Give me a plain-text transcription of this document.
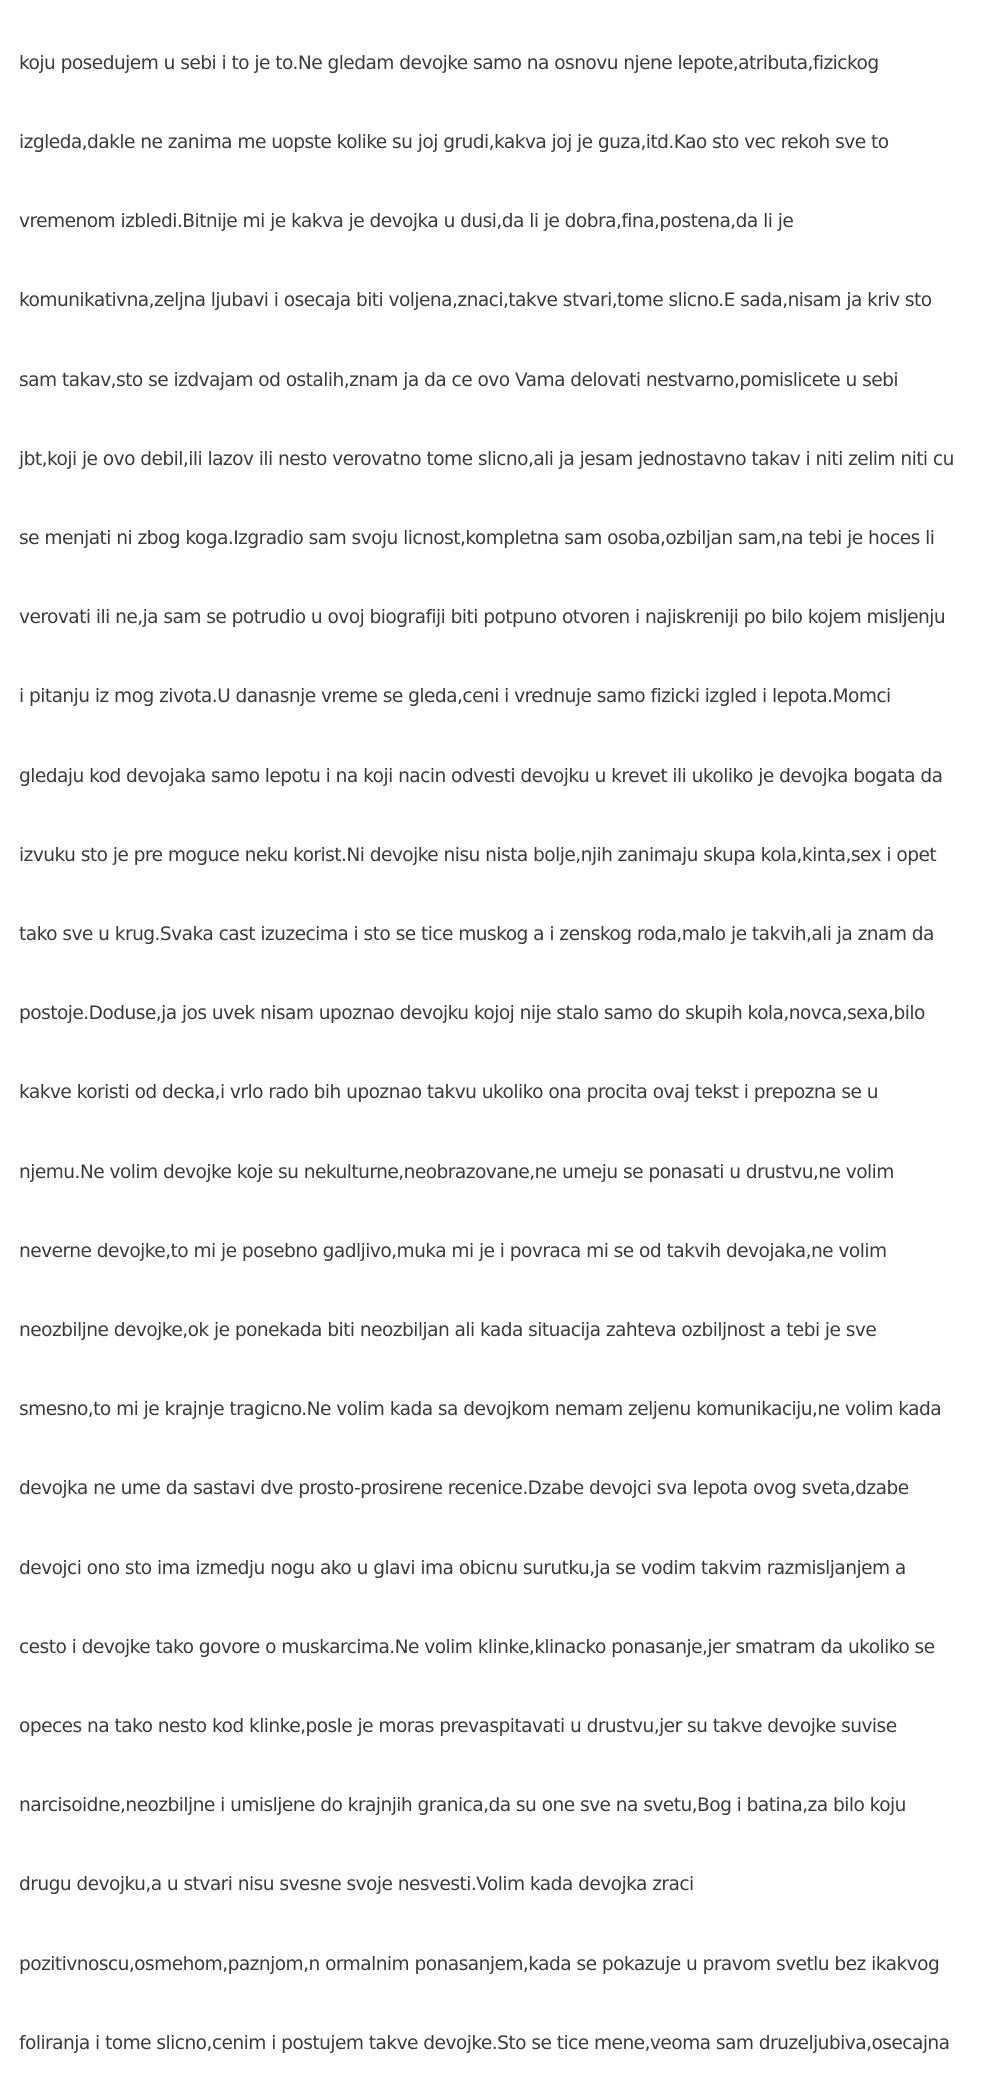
koju posedujem u sebi i to je to.Ne gledam devojke samo na osnovu njene lepote,atributa,fizickog

izgleda,dakle ne zanima me uopste kolike su joj grudi,kakva joj je guza,itd.Kao sto vec rekoh sve to

vremenom izbledi.Bitnije mi je kakva je devojka u dusi,da li je dobra,fina,postena,da li je

komunikativna,zeljna ljubavi i osecaja biti voljena,znaci,takve stvari,tome slicno.E sada,nisam ja kriv sto

sam takav,sto se izdvajam od ostalih,znam ja da ce ovo Vama delovati nestvarno,pomislicete u sebi

jbt,koji je ovo debil,ili lazov ili nesto verovatno tome slicno,ali ja jesam jednostavno takav i niti zelim niti cu

se menjati ni zbog koga.Izgradio sam svoju licnost,kompletna sam osoba,ozbiljan sam,na tebi je hoces li

verovati ili ne,ja sam se potrudio u ovoj biografiji biti potpuno otvoren i najiskreniji po bilo kojem misljenju

i pitanju iz mog zivota.U danasnje vreme se gleda,ceni i vrednuje samo fizicki izgled i lepota.Momci

gledaju kod devojaka samo lepotu i na koji nacin odvesti devojku u krevet ili ukoliko je devojka bogata da

izvuku sto je pre moguce neku korist.Ni devojke nisu nista bolje,njih zanimaju skupa kola,kinta,sex i opet

tako sve u krug.Svaka cast izuzecima i sto se tice muskog a i zenskog roda,malo je takvih,ali ja znam da

postoje.Doduse,ja jos uvek nisam upoznao devojku kojoj nije stalo samo do skupih kola,novca,sexa,bilo

kakve koristi od decka,i vrlo rado bih upoznao takvu ukoliko ona procita ovaj tekst i prepozna se u

njemu.Ne volim devojke koje su nekulturne,neobrazovane,ne umeju se ponasati u drustvu,ne volim

neverne devojke,to mi je posebno gadljivo,muka mi je i povraca mi se od takvih devojaka,ne volim

neozbiljne devojke,ok je ponekada biti neozbiljan ali kada situacija zahteva ozbiljnost a tebi je sve

smesno,to mi je krajnje tragicno.Ne volim kada sa devojkom nemam zeljenu komunikaciju,ne volim kada

devojka ne ume da sastavi dve prosto-prosirene recenice.Dzabe devojci sva lepota ovog sveta,dzabe

devojci ono sto ima izmedju nogu ako u glavi ima obicnu surutku,ja se vodim takvim razmisljanjem a

cesto i devojke tako govore o muskarcima.Ne volim klinke,klinacko ponasanje,jer smatram da ukoliko se

opeces na tako nesto kod klinke,posle je moras prevaspitavati u drustvu,jer su takve devojke suvise

narcisoidne,neozbiljne i umisljene do krajnjih granica,da su one sve na svetu,Bog i batina,za bilo koju

drugu devojku,a u stvari nisu svesne svoje nesvesti.Volim kada devojka zraci

pozitivnoscu,osmehom,paznjom,n ormalnim ponasanjem,kada se pokazuje u pravom svetlu bez ikakvog

foliranja i tome slicno,cenim i postujem takve devojke.Sto se tice mene,veoma sam druzeljubiva,osecajna
